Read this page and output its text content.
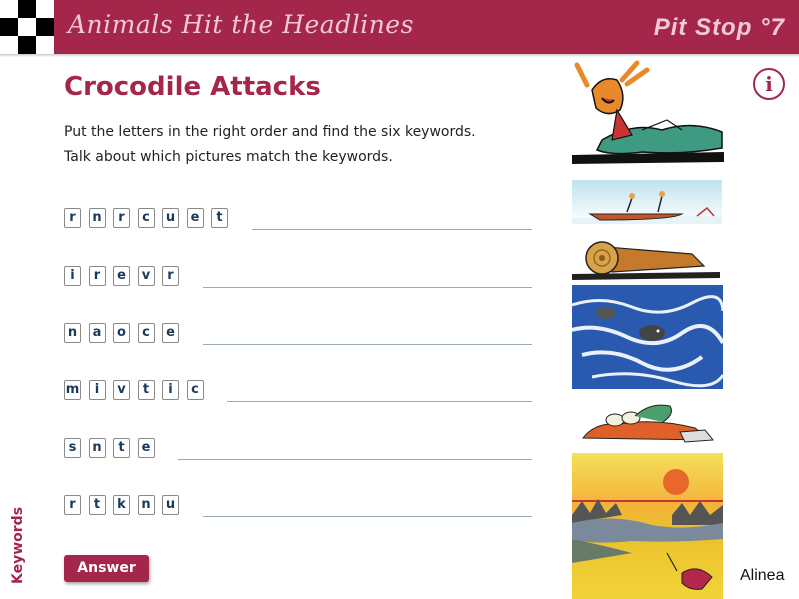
Animals Hit the Headlines	Pit Stop °7
i
Crocodile Attacks
Put the letters in the right order and find the six keywords.
Talk about which pictures match the keywords.
r	n	r	c	u	e	t
i	r	e	v	r
n	a	o	c	e
m	i	v	t	i	c
s	n	t	e
r	t	k	n u
Keywords	Answer	Alinea
